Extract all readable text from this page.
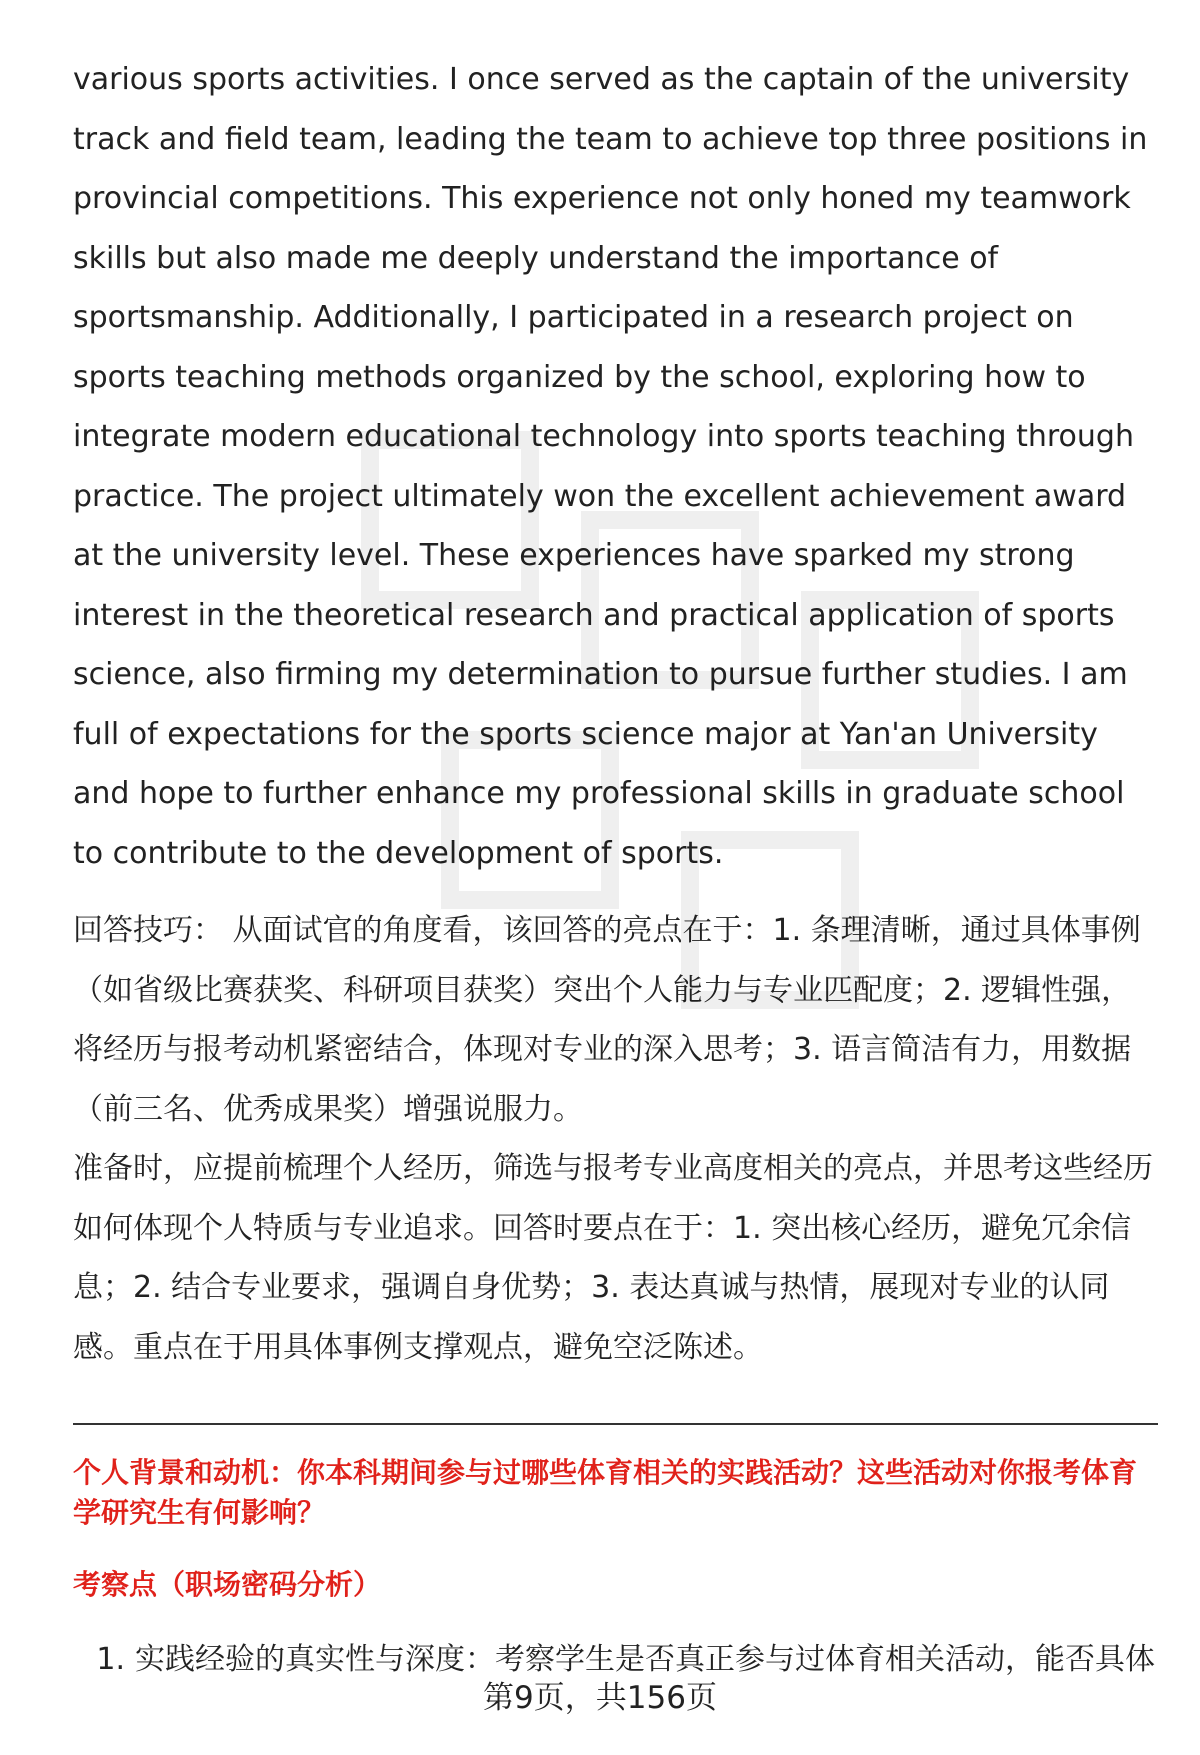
various sports activities. I once served as the captain of the university track and field team, leading the team to achieve top three positions in provincial competitions. This experience not only honed my teamwork skills but also made me deeply understand the importance of sportsmanship. Additionally, I participated in a research project on sports teaching methods organized by the school, exploring how to integrate modern educational technology into sports teaching through practice. The project ultimately won the excellent achievement award at the university level. These experiences have sparked my strong interest in the theoretical research and practical application of sports science, also firming my determination to pursue further studies. I am full of expectations for the sports science major at Yan'an University and hope to further enhance my professional skills in graduate school to contribute to the development of sports.

回答技巧： 从面试官的角度看，该回答的亮点在于：1. 条理清晰，通过具体事例（如省级比赛获奖、科研项目获奖）突出个人能力与专业匹配度；2. 逻辑性强，将经历与报考动机紧密结合，体现对专业的深入思考；3. 语言简洁有力，用数据（前三名、优秀成果奖）增强说服力。

准备时，应提前梳理个人经历，筛选与报考专业高度相关的亮点，并思考这些经历如何体现个人特质与专业追求。回答时要点在于：1. 突出核心经历，避免冗余信息；2. 结合专业要求，强调自身优势；3. 表达真诚与热情，展现对专业的认同感。重点在于用具体事例支撑观点，避免空泛陈述。

个人背景和动机：你本科期间参与过哪些体育相关的实践活动？这些活动对你报考体育学研究生有何影响？

考察点（职场密码分析）

1. 实践经验的真实性与深度：考察学生是否真正参与过体育相关活动，能否具体
第9页，共156页
